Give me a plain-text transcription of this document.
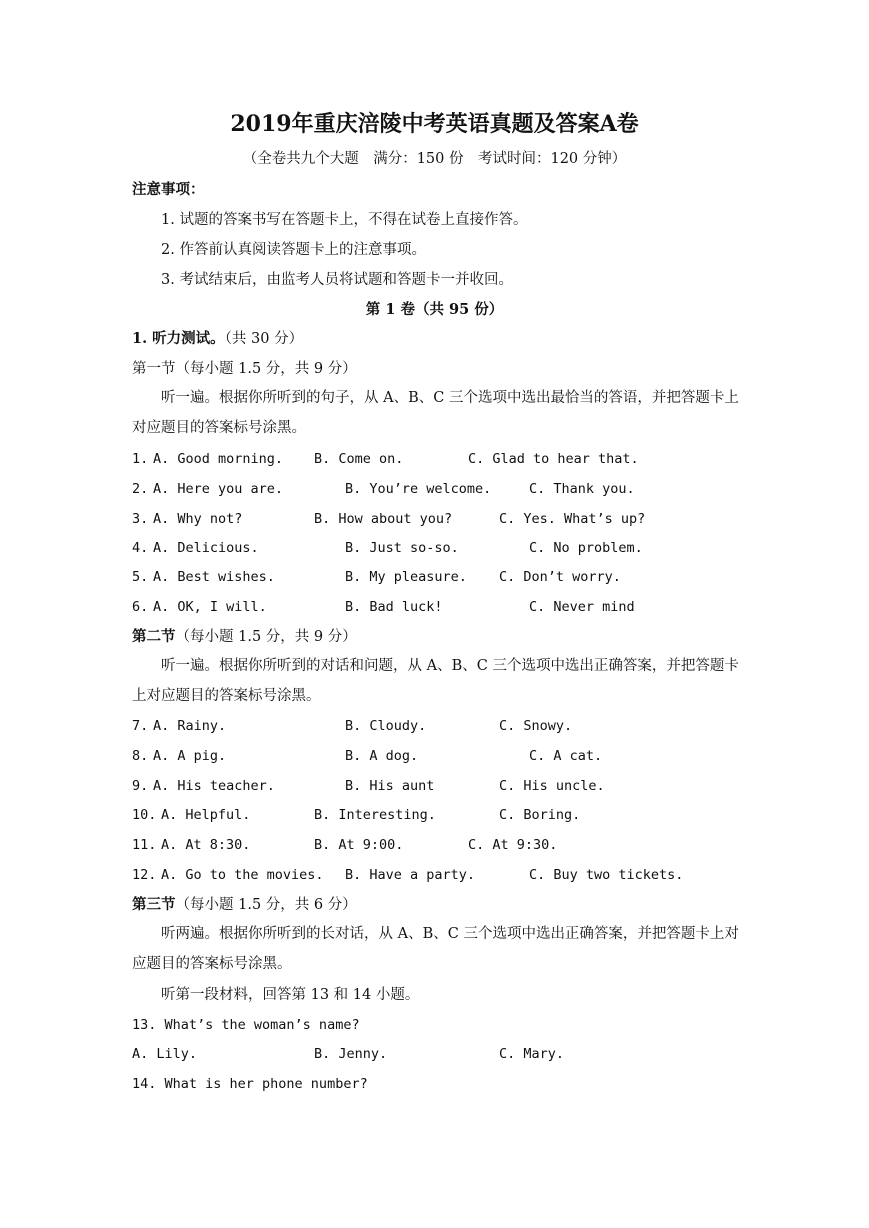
2019年重庆涪陵中考英语真题及答案A卷
（全卷共九个大题　满分：150 份　考试时间：120 分钟）
注意事项：
1. 试题的答案书写在答题卡上，不得在试卷上直接作答。
2. 作答前认真阅读答题卡上的注意事项。
3. 考试结束后，由监考人员将试题和答题卡一并收回。
第 1 卷（共 95 份）
1. 听力测试。（共 30 分）
第一节（每小题 1.5 分，共 9 分）
听一遍。根据你所听到的句子，从 A、B、C 三个选项中选出最恰当的答语，并把答题卡上对应题目的答案标号涂黑。
1. A. Good morning. B. Come on.	C. Glad to hear that.
2. A. Here you are.	B. You’re welcome.	C. Thank you.
3. A. Why not?	B. How about you?	C. Yes. What’s up?
4. A. Delicious.	B. Just so-so.	C. No problem.
5. A. Best wishes.	B. My pleasure. C. Don’t worry.
6. A. OK, I will.	B. Bad luck!	C. Never mind
第二节（每小题 1.5 分，共 9 分）
听一遍。根据你所听到的对话和问题，从 A、B、C 三个选项中选出正确答案，并把答题卡上对应题目的答案标号涂黑。
7. A. Rainy.	B. Cloudy.	C. Snowy.
8. A. A pig.	B. A dog.	C. A cat.
9. A. His teacher.	B. His aunt	C. His uncle.
10. A. Helpful.	B. Interesting.	C. Boring.
11. A. At 8:30.	B. At 9:00.	C. At 9:30.
12. A. Go to the movies. B. Have a party.	C. Buy two tickets.
第三节（每小题 1.5 分，共 6 分）
听两遍。根据你所听到的长对话，从 A、B、C 三个选项中选出正确答案，并把答题卡上对应题目的答案标号涂黑。
听第一段材料，回答第 13 和 14 小题。
13. What’s the woman’s name?
A. Lily.	B. Jenny.	C. Mary.
14. What is her phone number?
